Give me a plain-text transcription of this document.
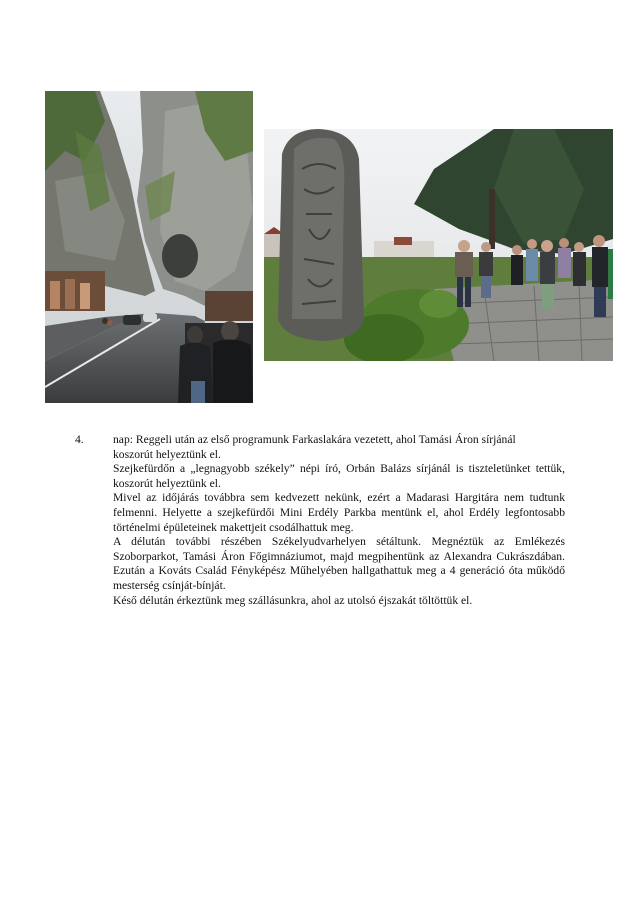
4.	nap: Reggeli után az első programunk Farkaslakára vezetett, ahol Tamási Áron sírjánál

koszorút helyeztünk el.

Szejkefürdőn a „legnagyobb székely” népi író, Orbán Balázs sírjánál is tiszteletünket tettük, koszorút helyeztünk el.

Mivel az időjárás továbbra sem kedvezett nekünk, ezért a Madarasi Hargitára nem tudtunk felmenni. Helyette a szejkefürdői Mini Erdély Parkba mentünk el, ahol Erdély legfontosabb történelmi épületeinek makettjeit csodálhattuk meg.

A délután további részében Székelyudvarhelyen sétáltunk. Megnéztük az Emlékezés Szoborparkot, Tamási Áron Főgimnáziumot, majd megpihentünk az Alexandra Cukrászdában. Ezután a Kováts Család Fényképész Műhelyében hallgathattuk meg a 4 generáció óta működő mesterség csínját-bínját.

Késő délután érkeztünk meg szállásunkra, ahol az utolsó éjszakát töltöttük el.
